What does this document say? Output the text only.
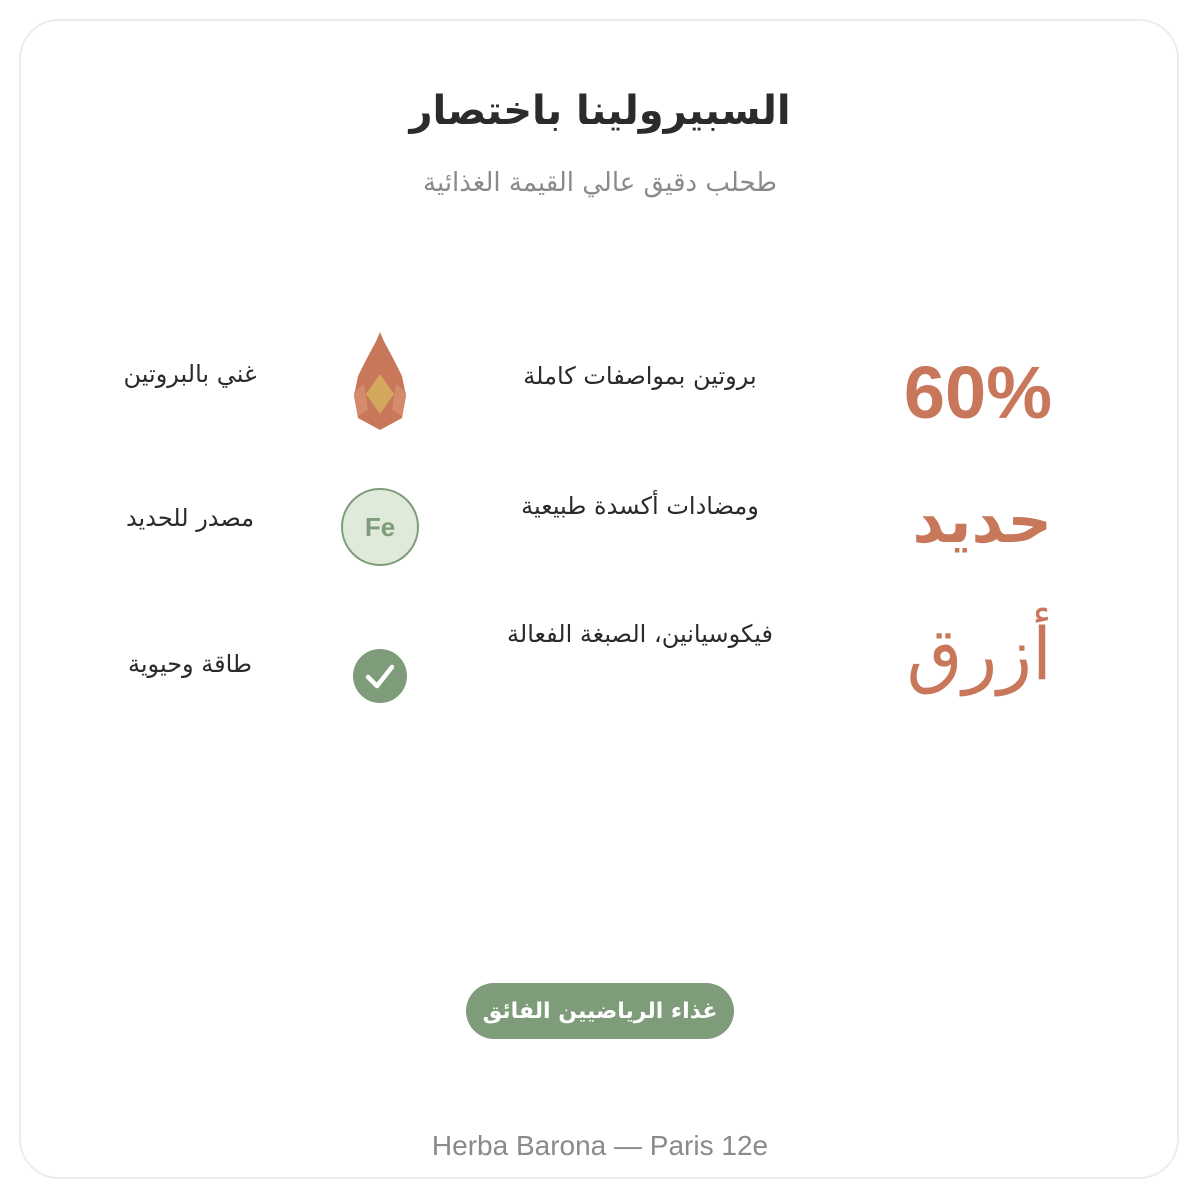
السبيرولينا باختصار
طحلب دقيق عالي القيمة الغذائية
60%
بروتين بمواصفات كاملة
غني بالبروتين
حديد
ومضادات أكسدة طبيعية
Fe
مصدر للحديد
أزرق
فيكوسيانين، الصبغة الفعالة
طاقة وحيوية
غذاء الرياضيين الفائق
Herba Barona — Paris 12e
